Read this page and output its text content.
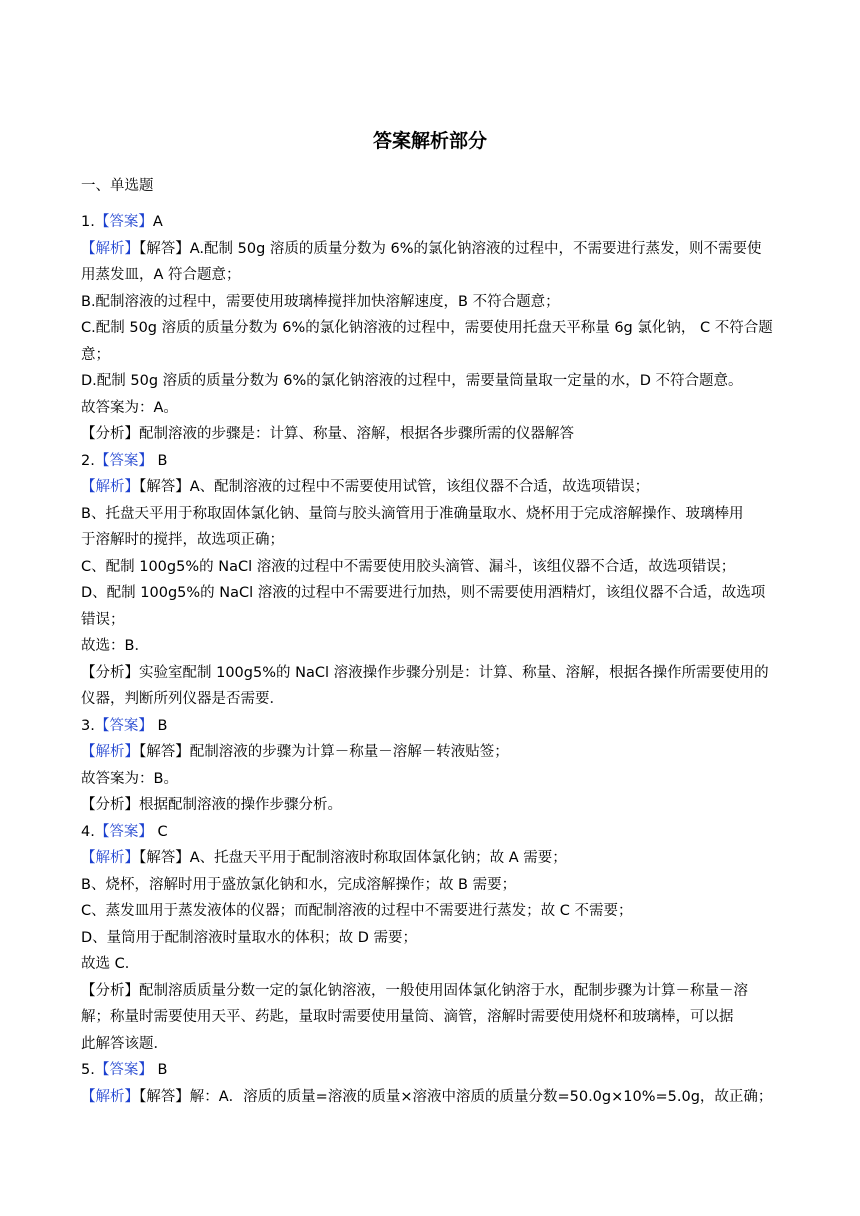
答案解析部分
一、单选题
1.【答案】A
【解析】【解答】A.配制 50g 溶质的质量分数为 6%的氯化钠溶液的过程中，不需要进行蒸发，则不需要使
用蒸发皿，A 符合题意；
B.配制溶液的过程中，需要使用玻璃棒搅拌加快溶解速度，B 不符合题意；
C.配制 50g 溶质的质量分数为 6%的氯化钠溶液的过程中，需要使用托盘天平称量 6g 氯化钠， C 不符合题
意；
D.配制 50g 溶质的质量分数为 6%的氯化钠溶液的过程中，需要量筒量取一定量的水，D 不符合题意。
故答案为：A。
【分析】配制溶液的步骤是：计算、称量、溶解，根据各步骤所需的仪器解答
2.【答案】 B
【解析】【解答】A、配制溶液的过程中不需要使用试管，该组仪器不合适，故选项错误；
B、托盘天平用于称取固体氯化钠、量筒与胶头滴管用于准确量取水、烧杯用于完成溶解操作、玻璃棒用
于溶解时的搅拌，故选项正确；
C、配制 100g5%的 NaCl 溶液的过程中不需要使用胶头滴管、漏斗，该组仪器不合适，故选项错误；
D、配制 100g5%的 NaCl 溶液的过程中不需要进行加热，则不需要使用酒精灯，该组仪器不合适，故选项
错误；
故选：B．
【分析】实验室配制 100g5%的 NaCl 溶液操作步骤分别是：计算、称量、溶解，根据各操作所需要使用的
仪器，判断所列仪器是否需要．
3.【答案】 B
【解析】【解答】配制溶液的步骤为计算－称量－溶解－转液贴签；
故答案为：B。
【分析】根据配制溶液的操作步骤分析。
4.【答案】 C
【解析】【解答】A、托盘天平用于配制溶液时称取固体氯化钠；故 A 需要；
B、烧杯，溶解时用于盛放氯化钠和水，完成溶解操作；故 B 需要；
C、蒸发皿用于蒸发液体的仪器；而配制溶液的过程中不需要进行蒸发；故 C 不需要；
D、量筒用于配制溶液时量取水的体积；故 D 需要；
故选 C．
【分析】配制溶质质量分数一定的氯化钠溶液，一般使用固体氯化钠溶于水，配制步骤为计算－称量－溶
解；称量时需要使用天平、药匙，量取时需要使用量筒、滴管，溶解时需要使用烧杯和玻璃棒，可以据
此解答该题．
5.【答案】 B
【解析】【解答】解：A．溶质的质量=溶液的质量×溶液中溶质的质量分数=50.0g×10%=5.0g，故正确；
